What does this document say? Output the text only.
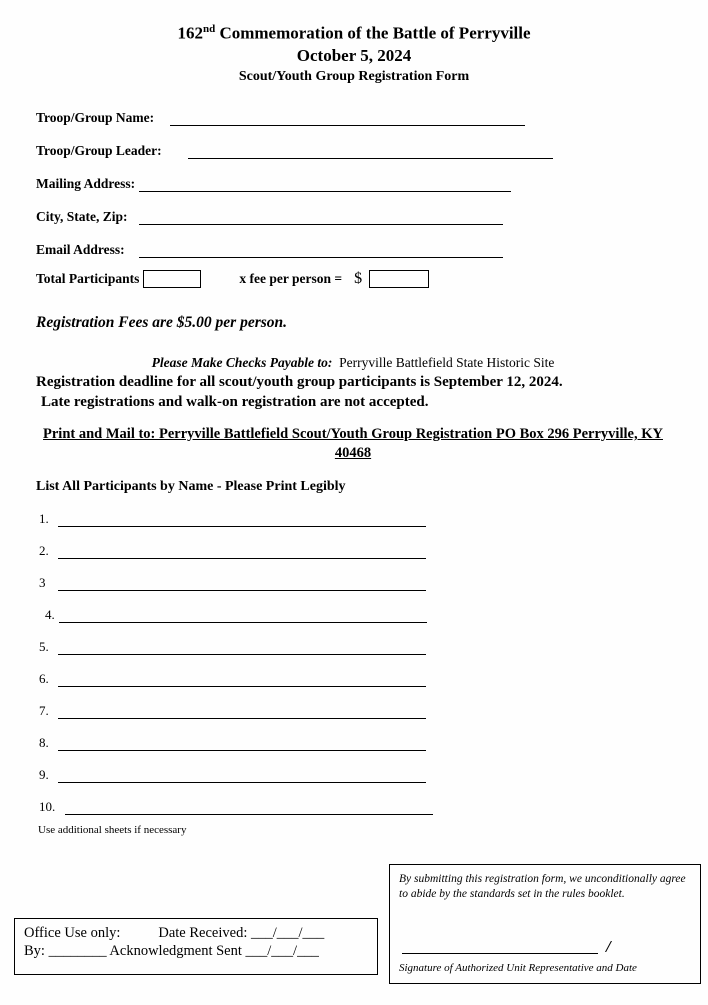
162nd Commemoration of the Battle of Perryville
October 5, 2024
Scout/Youth Group Registration Form
Troop/Group Name:
Troop/Group Leader:
Mailing Address:
City, State, Zip:
Email Address:
Total Participants	x fee per person = $
Registration Fees are $5.00 per person.
Please Make Checks Payable to: Perryville Battlefield State Historic Site
Registration deadline for all scout/youth group participants is September 12, 2024.
Late registrations and walk-on registration are not accepted.
Print and Mail to: Perryville Battlefield Scout/Youth Group Registration PO Box 296 Perryville, KY
40468
List All Participants by Name - Please Print Legibly
1.
2.
3
4.
5.
6.
7.
8.
9.
10.
Use additional sheets if necessary
By submitting this registration form, we unconditionally agree to abide by the standards set in the rules booklet.
/
Signature of Authorized Unit Representative and Date
Office Use only:	Date Received: ___/___/___
By: ________ Acknowledgment Sent ___/___/___
